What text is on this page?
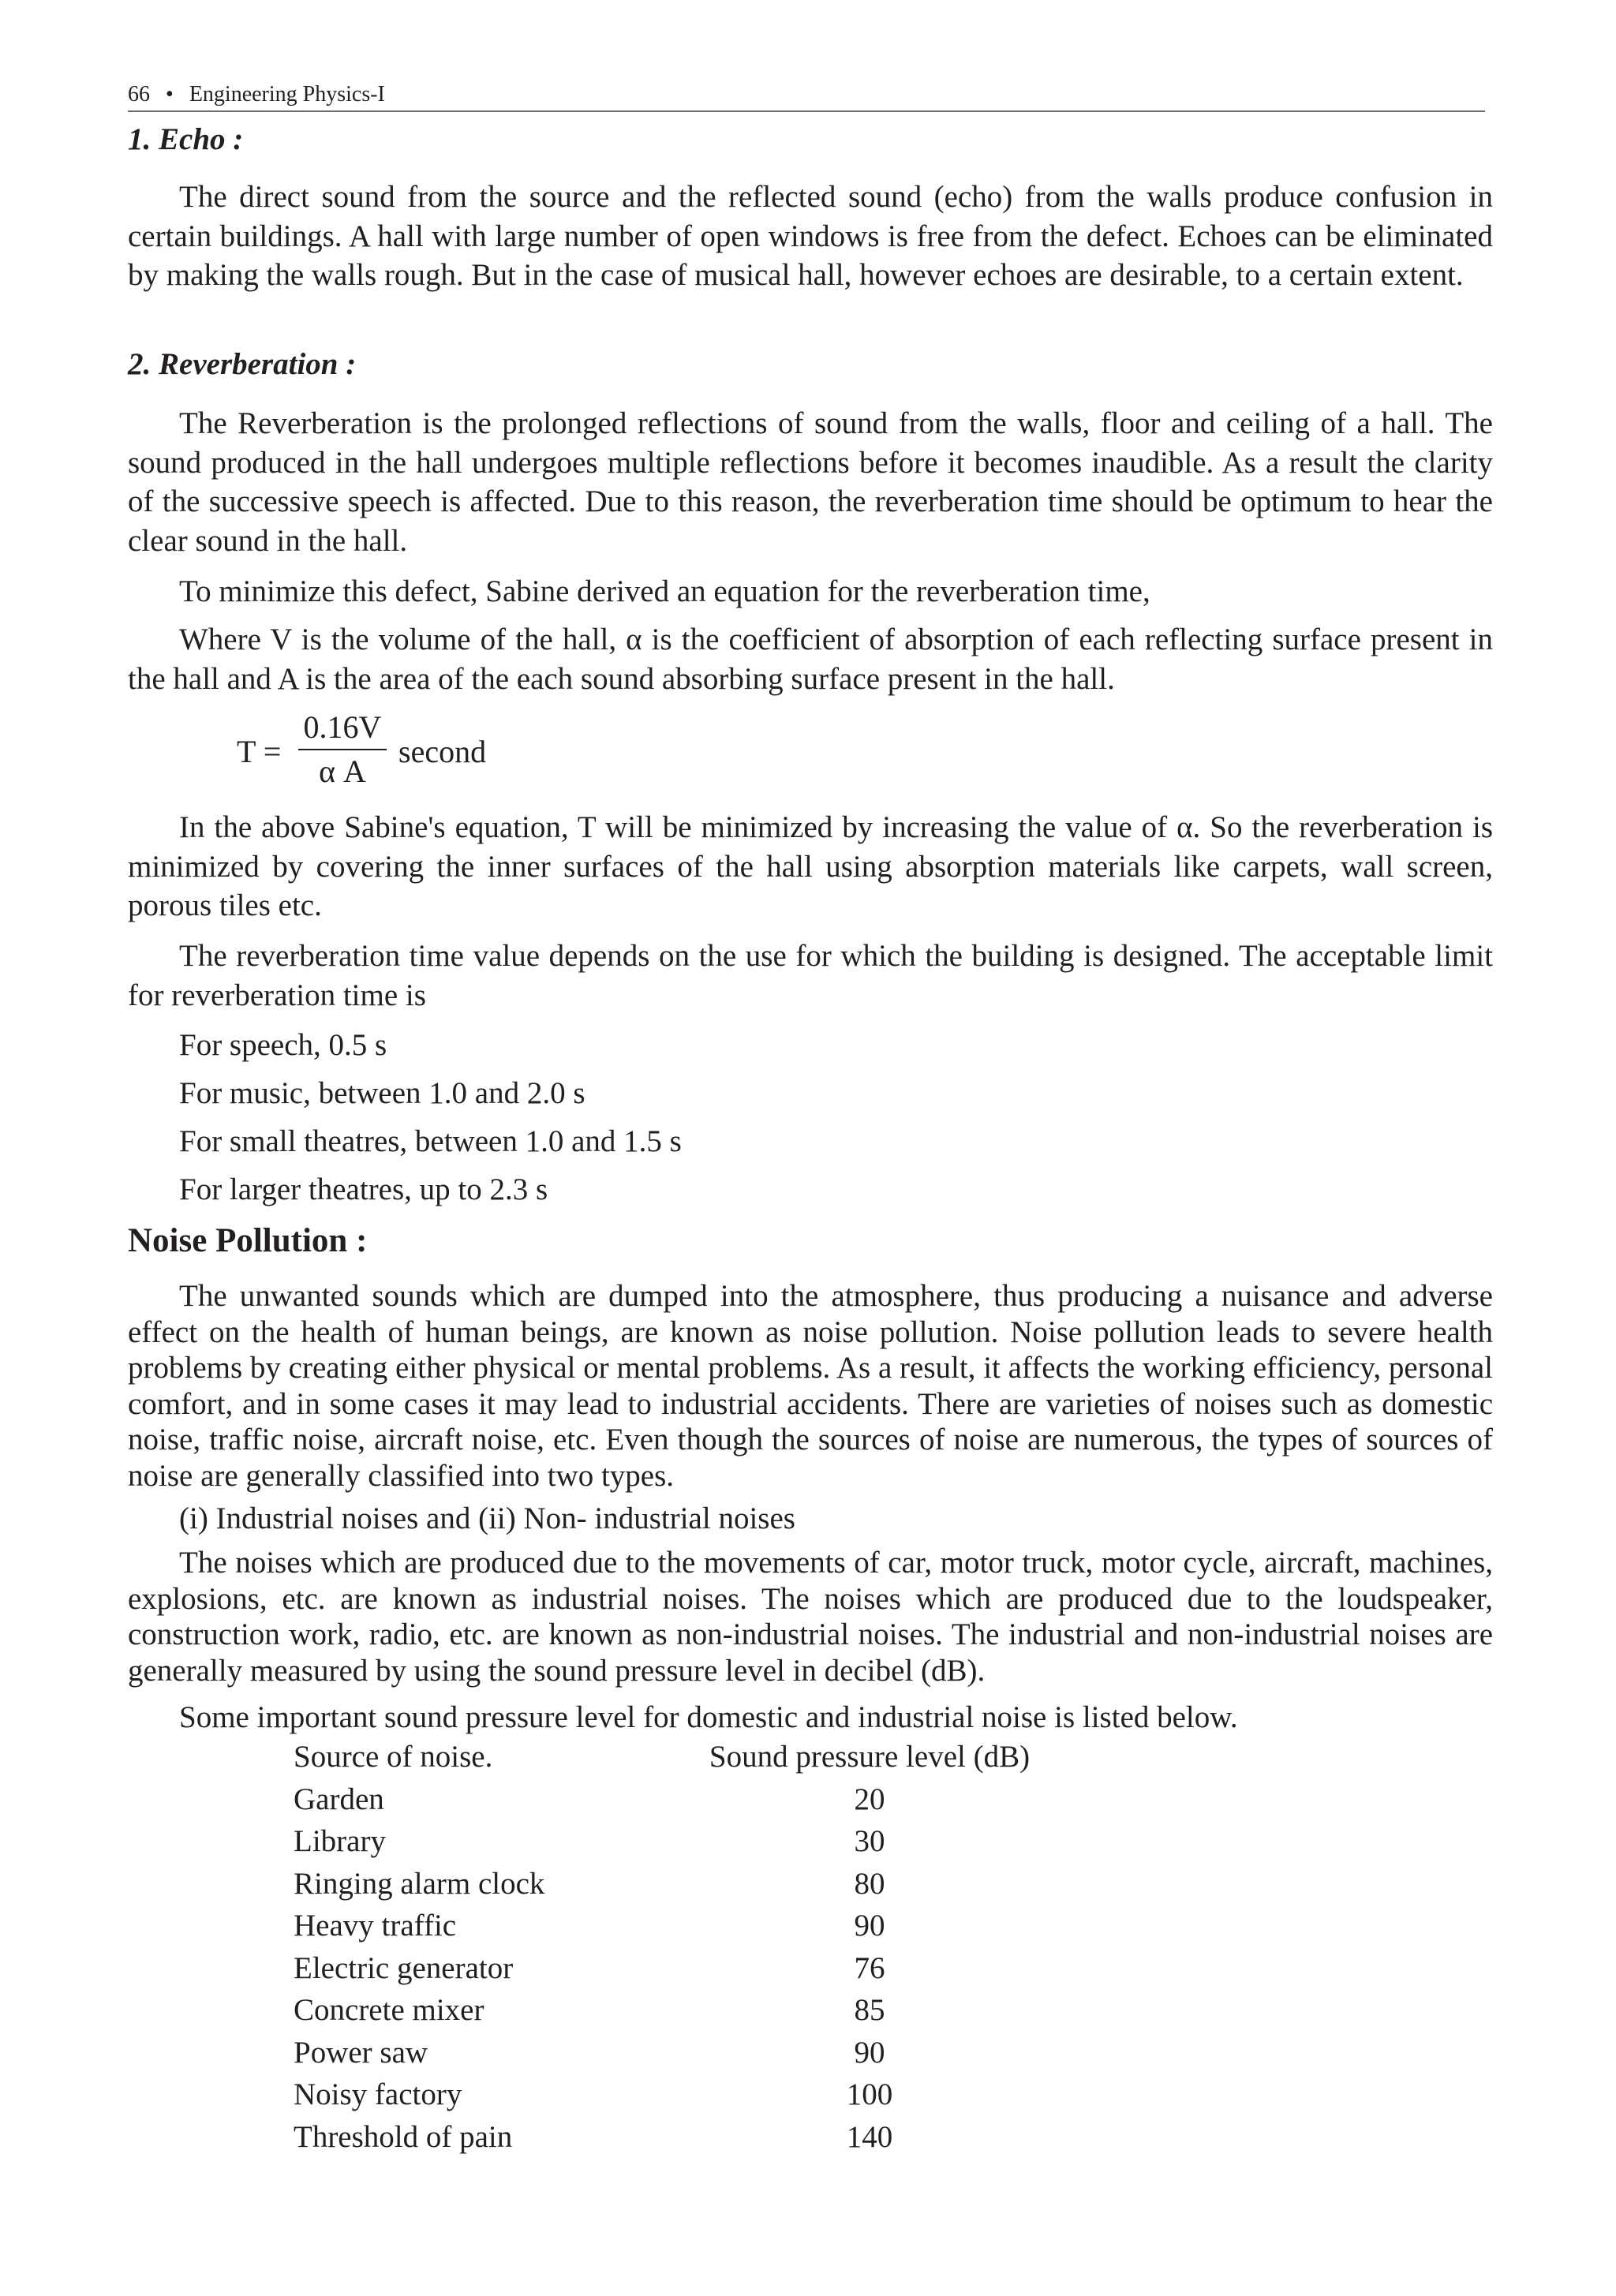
66 • Engineering Physics-I
1. Echo :
The direct sound from the source and the reflected sound (echo) from the walls produce confusion in certain buildings. A hall with large number of open windows is free from the defect. Echoes can be eliminated by making the walls rough. But in the case of musical hall, however echoes are desirable, to a certain extent.
2. Reverberation :
The Reverberation is the prolonged reflections of sound from the walls, floor and ceiling of a hall. The sound produced in the hall undergoes multiple reflections before it becomes inaudible. As a result the clarity of the successive speech is affected. Due to this reason, the reverberation time should be optimum to hear the clear sound in the hall.
To minimize this defect, Sabine derived an equation for the reverberation time,
Where V is the volume of the hall, α is the coefficient of absorption of each reflecting surface present in the hall and A is the area of the each sound absorbing surface present in the hall.
T =
0.16V
α A
second
In the above Sabine's equation, T will be minimized by increasing the value of α. So the reverberation is minimized by covering the inner surfaces of the hall using absorption materials like carpets, wall screen, porous tiles etc.
The reverberation time value depends on the use for which the building is designed. The acceptable limit for reverberation time is
For speech, 0.5 s
For music, between 1.0 and 2.0 s
For small theatres, between 1.0 and 1.5 s
For larger theatres, up to 2.3 s
Noise Pollution :
The unwanted sounds which are dumped into the atmosphere, thus producing a nuisance and adverse effect on the health of human beings, are known as noise pollution. Noise pollution leads to severe health problems by creating either physical or mental problems. As a result, it affects the working efficiency, personal comfort, and in some cases it may lead to industrial accidents. There are varieties of noises such as domestic noise, traffic noise, aircraft noise, etc. Even though the sources of noise are numerous, the types of sources of noise are generally classified into two types.
(i) Industrial noises and (ii) Non- industrial noises
The noises which are produced due to the movements of car, motor truck, motor cycle, aircraft, machines, explosions, etc. are known as industrial noises. The noises which are produced due to the loudspeaker, construction work, radio, etc. are known as non-industrial noises. The industrial and non-industrial noises are generally measured by using the sound pressure level in decibel (dB).
Some important sound pressure level for domestic and industrial noise is listed below.
Source of noise.	Sound pressure level (dB)
Garden	20
Library	30
Ringing alarm clock	80
Heavy traffic	90
Electric generator	76
Concrete mixer	85
Power saw	90
Noisy factory	100
Threshold of pain	140
